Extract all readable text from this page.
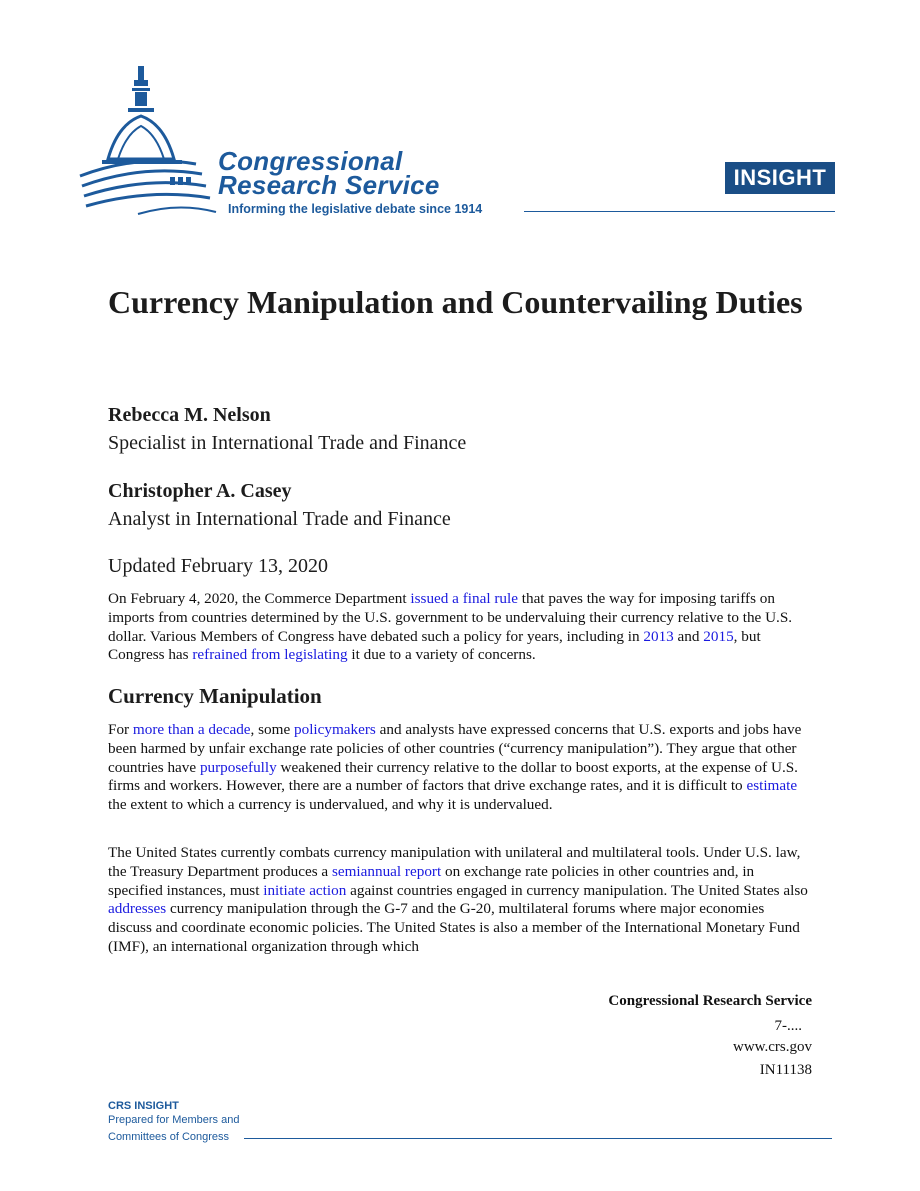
Congressional
Research Service
Informing the legislative debate since 1914
INSIGHT
Currency Manipulation and Countervailing Duties
Rebecca M. Nelson
Specialist in International Trade and Finance
Christopher A. Casey
Analyst in International Trade and Finance
Updated February 13, 2020

On February 4, 2020, the Commerce Department issued a final rule that paves the way for imposing tariffs on imports from countries determined by the U.S. government to be undervaluing their currency relative to the U.S. dollar. Various Members of Congress have debated such a policy for years, including in 2013 and 2015, but Congress has refrained from legislating it due to a variety of concerns.

Currency Manipulation

For more than a decade, some policymakers and analysts have expressed concerns that U.S. exports and jobs have been harmed by unfair exchange rate policies of other countries (“currency manipulation”). They argue that other countries have purposefully weakened their currency relative to the dollar to boost exports, at the expense of U.S. firms and workers. However, there are a number of factors that drive exchange rates, and it is difficult to estimate the extent to which a currency is undervalued, and why it is undervalued.

The United States currently combats currency manipulation with unilateral and multilateral tools. Under U.S. law, the Treasury Department produces a semiannual report on exchange rate policies in other countries and, in specified instances, must initiate action against countries engaged in currency manipulation. The United States also addresses currency manipulation through the G-7 and the G-20, multilateral forums where major economies discuss and coordinate economic policies. The United States is also a member of the International Monetary Fund (IMF), an international organization through which

Congressional Research Service
7-....
www.crs.gov
IN11138
CRS INSIGHT
Prepared for Members and
Committees of Congress
